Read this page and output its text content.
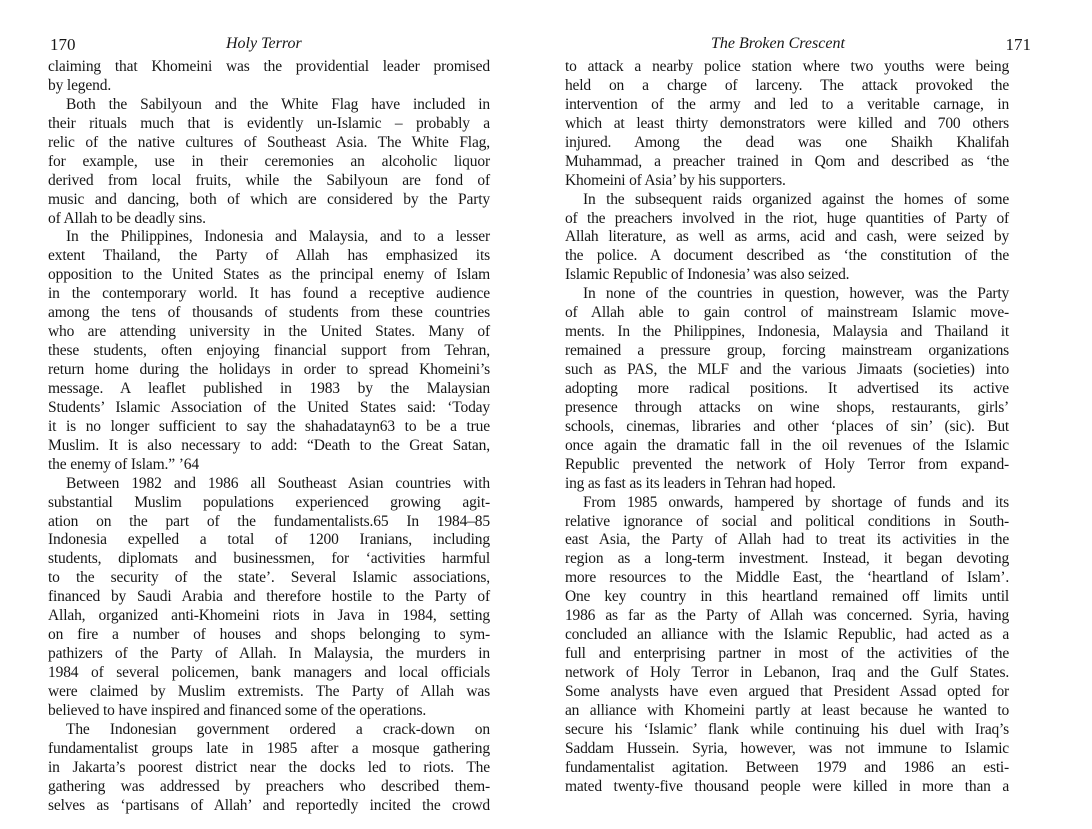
170	Holy Terror
claiming that Khomeini was the providential leader promised
by legend.
Both the Sabilyoun and the White Flag have included in
their rituals much that is evidently un-Islamic – probably a
relic of the native cultures of Southeast Asia. The White Flag,
for example, use in their ceremonies an alcoholic liquor
derived from local fruits, while the Sabilyoun are fond of
music and dancing, both of which are considered by the Party
of Allah to be deadly sins.
In the Philippines, Indonesia and Malaysia, and to a lesser
extent Thailand, the Party of Allah has emphasized its
opposition to the United States as the principal enemy of Islam
in the contemporary world. It has found a receptive audience
among the tens of thousands of students from these countries
who are attending university in the United States. Many of
these students, often enjoying financial support from Tehran,
return home during the holidays in order to spread Khomeini’s
message. A leaflet published in 1983 by the Malaysian
Students’ Islamic Association of the United States said: ‘Today
it is no longer sufficient to say the shahadatayn63 to be a true
Muslim. It is also necessary to add: “Death to the Great Satan,
the enemy of Islam.” ’64
Between 1982 and 1986 all Southeast Asian countries with
substantial Muslim populations experienced growing agit-
ation on the part of the fundamentalists.65 In 1984–85
Indonesia expelled a total of 1200 Iranians, including
students, diplomats and businessmen, for ‘activities harmful
to the security of the state’. Several Islamic associations,
financed by Saudi Arabia and therefore hostile to the Party of
Allah, organized anti-Khomeini riots in Java in 1984, setting
on fire a number of houses and shops belonging to sym-
pathizers of the Party of Allah. In Malaysia, the murders in
1984 of several policemen, bank managers and local officials
were claimed by Muslim extremists. The Party of Allah was
believed to have inspired and financed some of the operations.
The Indonesian government ordered a crack-down on
fundamentalist groups late in 1985 after a mosque gathering
in Jakarta’s poorest district near the docks led to riots. The
gathering was addressed by preachers who described them-
selves as ‘partisans of Allah’ and reportedly incited the crowd
The Broken Crescent	171
to attack a nearby police station where two youths were being
held on a charge of larceny. The attack provoked the
intervention of the army and led to a veritable carnage, in
which at least thirty demonstrators were killed and 700 others
injured. Among the dead was one Shaikh Khalifah
Muhammad, a preacher trained in Qom and described as ‘the
Khomeini of Asia’ by his supporters.
In the subsequent raids organized against the homes of some
of the preachers involved in the riot, huge quantities of Party of
Allah literature, as well as arms, acid and cash, were seized by
the police. A document described as ‘the constitution of the
Islamic Republic of Indonesia’ was also seized.
In none of the countries in question, however, was the Party
of Allah able to gain control of mainstream Islamic move-
ments. In the Philippines, Indonesia, Malaysia and Thailand it
remained a pressure group, forcing mainstream organizations
such as PAS, the MLF and the various Jimaats (societies) into
adopting more radical positions. It advertised its active
presence through attacks on wine shops, restaurants, girls’
schools, cinemas, libraries and other ‘places of sin’ (sic). But
once again the dramatic fall in the oil revenues of the Islamic
Republic prevented the network of Holy Terror from expand-
ing as fast as its leaders in Tehran had hoped.
From 1985 onwards, hampered by shortage of funds and its
relative ignorance of social and political conditions in South-
east Asia, the Party of Allah had to treat its activities in the
region as a long-term investment. Instead, it began devoting
more resources to the Middle East, the ‘heartland of Islam’.
One key country in this heartland remained off limits until
1986 as far as the Party of Allah was concerned. Syria, having
concluded an alliance with the Islamic Republic, had acted as a
full and enterprising partner in most of the activities of the
network of Holy Terror in Lebanon, Iraq and the Gulf States.
Some analysts have even argued that President Assad opted for
an alliance with Khomeini partly at least because he wanted to
secure his ‘Islamic’ flank while continuing his duel with Iraq’s
Saddam Hussein. Syria, however, was not immune to Islamic
fundamentalist agitation. Between 1979 and 1986 an esti-
mated twenty-five thousand people were killed in more than a
